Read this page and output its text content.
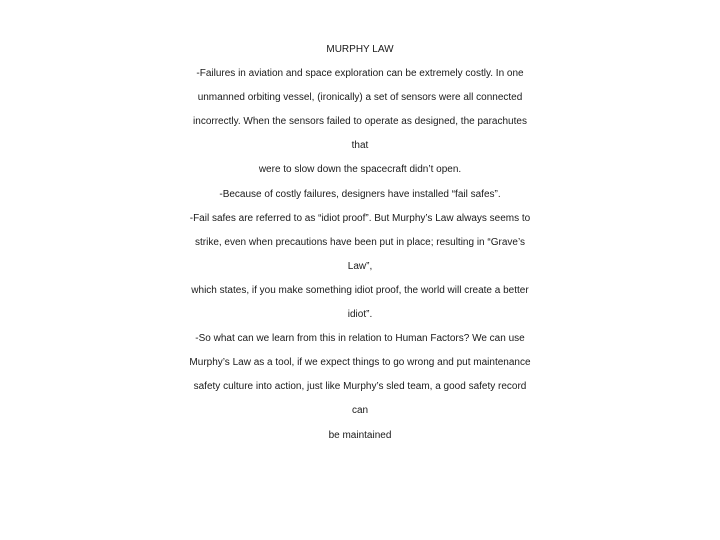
MURPHY LAW
-Failures in aviation and space exploration can be extremely costly. In one
unmanned orbiting vessel, (ironically) a set of sensors were all connected
incorrectly. When the sensors failed to operate as designed, the parachutes
that
were to slow down the spacecraft didn’t open.
-Because of costly failures, designers have installed “fail safes”.
-Fail safes are referred to as “idiot proof”. But Murphy’s Law always seems to
strike, even when precautions have been put in place; resulting in “Grave’s
Law”,
which states, if you make something idiot proof, the world will create a better
idiot”.
-So what can we learn from this in relation to Human Factors? We can use
Murphy’s Law as a tool, if we expect things to go wrong and put maintenance
safety culture into action, just like Murphy’s sled team, a good safety record
can
be maintained
